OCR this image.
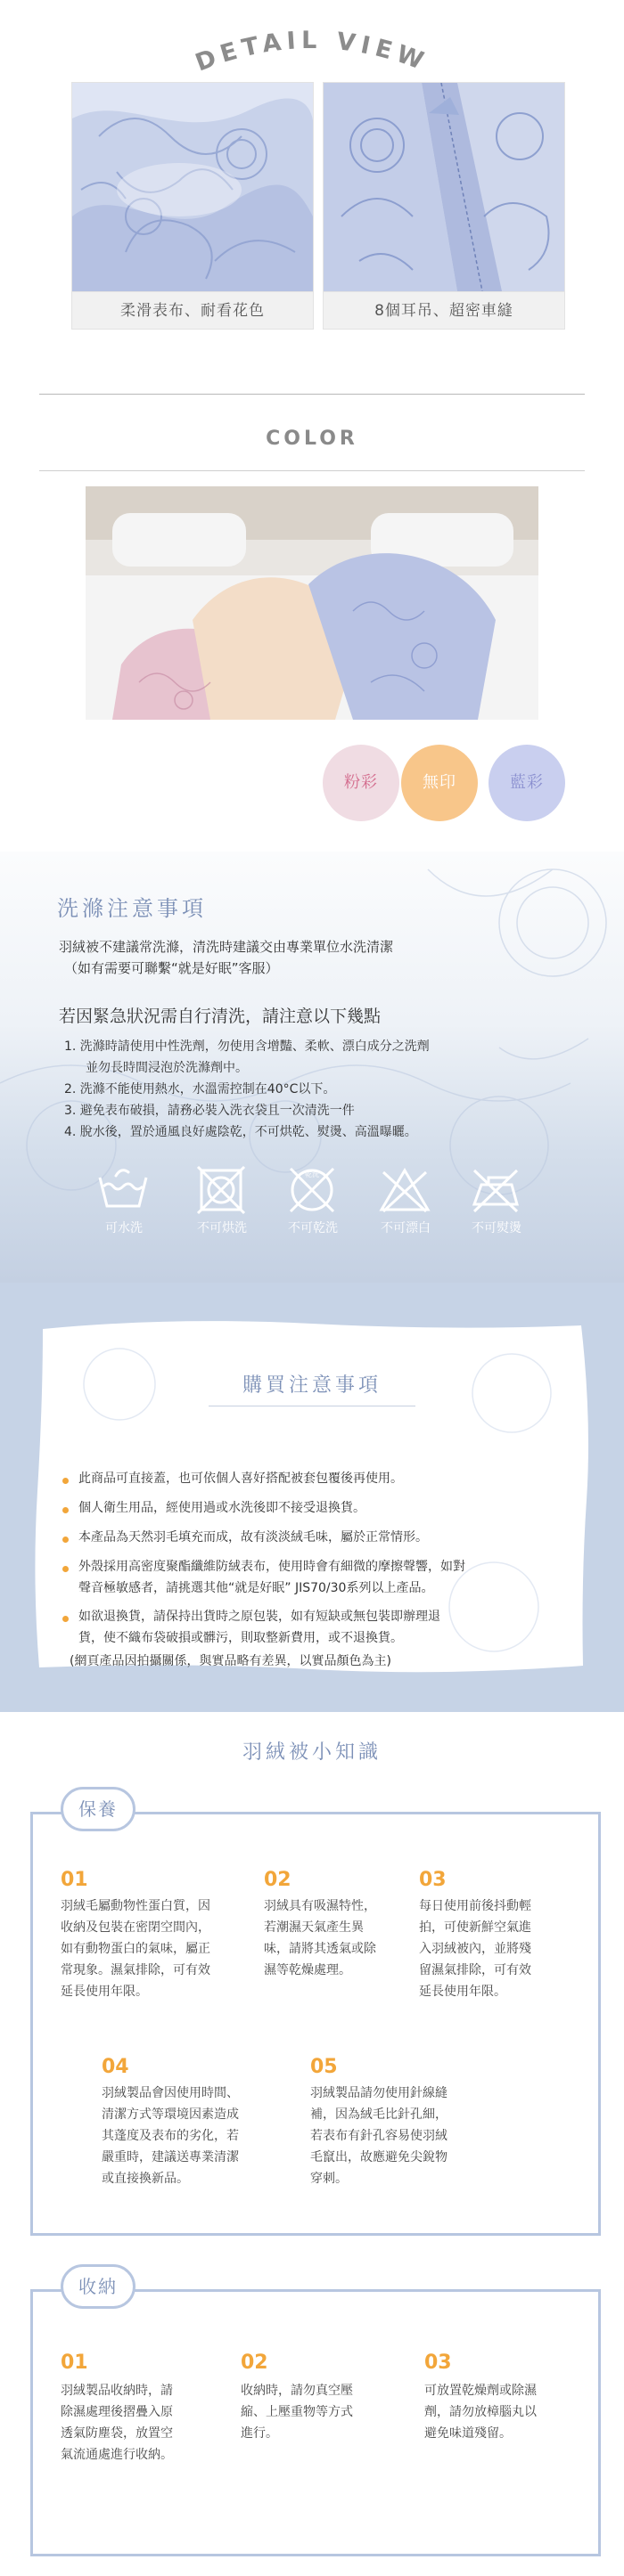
DETAIL VIEW
柔滑表布、耐看花色	8個耳吊、超密車縫
COLOR
粉彩	無印	藍彩
洗滌注意事項
羽絨被不建議常洗滌，清洗時建議交由專業單位水洗清潔
（如有需要可聯繫“就是好眠”客服）
若因緊急狀況需自行清洗，請注意以下幾點
1. 洗滌時請使用中性洗劑，勿使用含增豔、柔軟、漂白成分之洗劑
並勿長時間浸泡於洗滌劑中。
2. 洗滌不能使用熱水，水溫需控制在40°C以下。
3. 避免表布破損，請務必裝入洗衣袋且一次清洗一件
4. 脫水後，置於通風良好處陰乾，不可烘乾、熨燙、高溫曝曬。
乾洗
可水洗	不可烘洗	不可乾洗	不可漂白	不可熨燙
購買注意事項
此商品可直接蓋，也可依個人喜好搭配被套包覆後再使用。
個人衛生用品，經使用過或水洗後即不接受退換貨。
本產品為天然羽毛填充而成，故有淡淡絨毛味，屬於正常情形。
外殼採用高密度聚酯纖維防絨表布，使用時會有細微的摩擦聲響，如對
聲音極敏感者，請挑選其他“就是好眠” JIS70/30系列以上產品。
如欲退換貨，請保持出貨時之原包裝，如有短缺或無包裝即辦理退
貨，使不織布袋破損或髒污，則取整新費用，或不退換貨。
(網頁產品因拍攝關係，與實品略有差異，以實品顏色為主)
羽絨被小知識
保養
01
羽絨毛屬動物性蛋白質，因
收納及包裝在密閉空間內，
如有動物蛋白的氣味，屬正
常現象。濕氣排除，可有效
延長使用年限。
02
羽絨具有吸濕特性，
若潮濕天氣產生異
味，請將其透氣或除
濕等乾燥處理。
03
每日使用前後抖動輕
拍，可使新鮮空氣進
入羽絨被內，並將殘
留濕氣排除，可有效
延長使用年限。
04
羽絨製品會因使用時間、
清潔方式等環境因素造成
其蓬度及表布的劣化，若
嚴重時，建議送專業清潔
或直接換新品。
05
羽絨製品請勿使用針線縫
補，因為絨毛比針孔細，
若表布有針孔容易使羽絨
毛竄出，故應避免尖銳物
穿刺。
收納
01
羽絨製品收納時，請
除濕處理後摺疊入原
透氣防塵袋，放置空
氣流通處進行收納。
02
收納時，請勿真空壓
縮、上壓重物等方式
進行。
03
可放置乾燥劑或除濕
劑，請勿放樟腦丸以
避免味道殘留。
